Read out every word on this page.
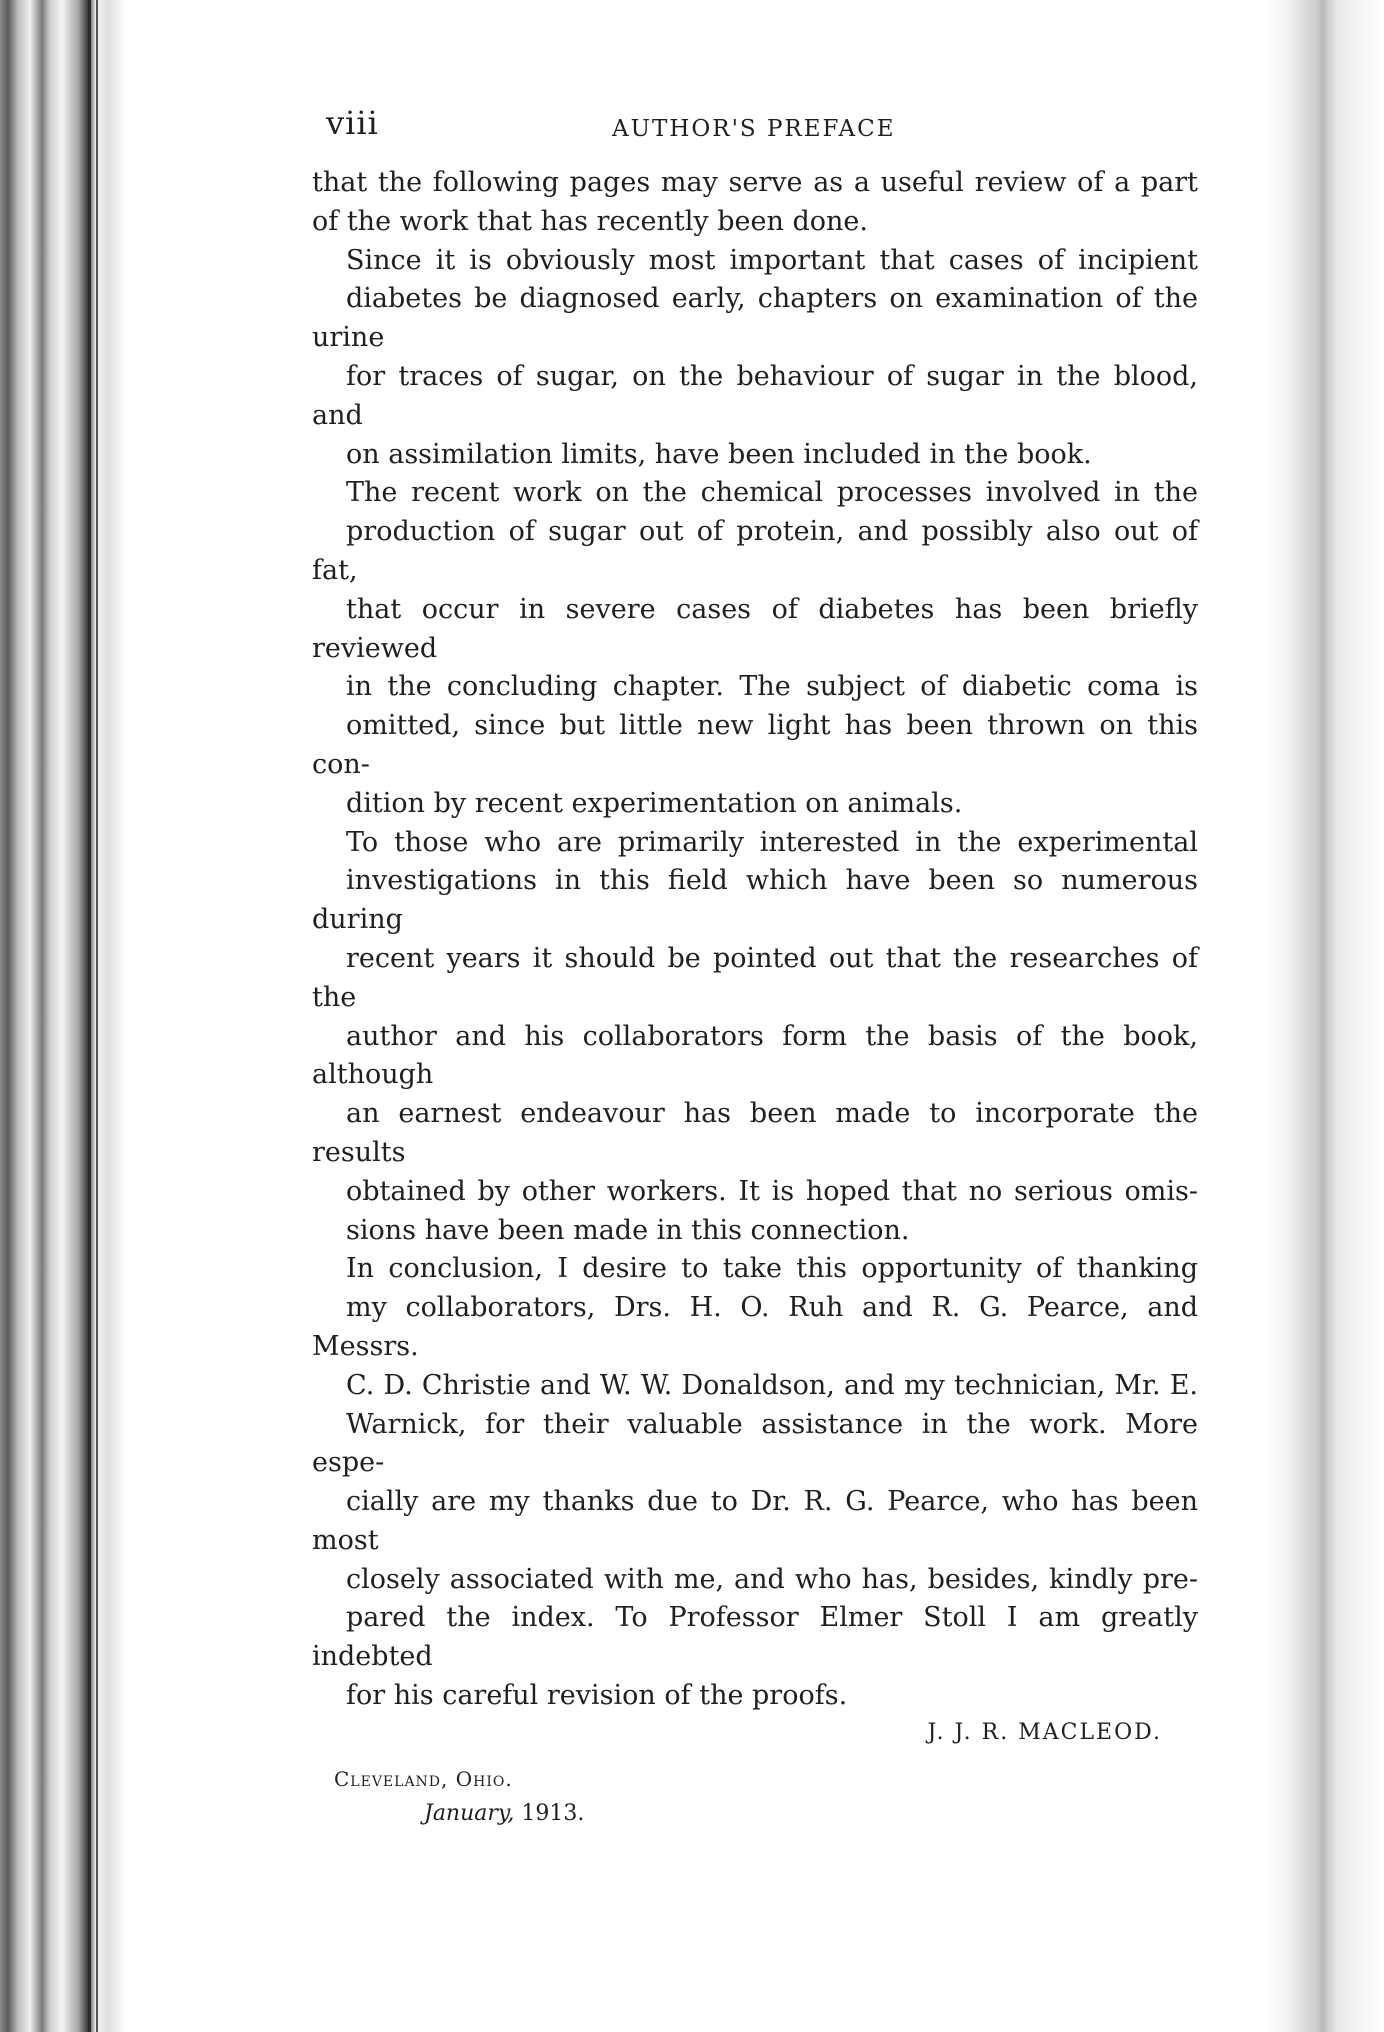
viii	AUTHOR'S PREFACE

that the following pages may serve as a useful review of a part
of the work that has recently been done.

Since it is obviously most important that cases of incipient
diabetes be diagnosed early, chapters on examination of the urine
for traces of sugar, on the behaviour of sugar in the blood, and
on assimilation limits, have been included in the book.

The recent work on the chemical processes involved in the
production of sugar out of protein, and possibly also out of fat,
that occur in severe cases of diabetes has been briefly reviewed
in the concluding chapter. The subject of diabetic coma is
omitted, since but little new light has been thrown on this con-
dition by recent experimentation on animals.

To those who are primarily interested in the experimental
investigations in this field which have been so numerous during
recent years it should be pointed out that the researches of the
author and his collaborators form the basis of the book, although
an earnest endeavour has been made to incorporate the results
obtained by other workers. It is hoped that no serious omis-
sions have been made in this connection.

In conclusion, I desire to take this opportunity of thanking
my collaborators, Drs. H. O. Ruh and R. G. Pearce, and Messrs.
C. D. Christie and W. W. Donaldson, and my technician, Mr. E.
Warnick, for their valuable assistance in the work. More espe-
cially are my thanks due to Dr. R. G. Pearce, who has been most
closely associated with me, and who has, besides, kindly pre-
pared the index. To Professor Elmer Stoll I am greatly indebted
for his careful revision of the proofs.

J. J. R. MACLEOD.
Cleveland, Ohio.
January, 1913.
